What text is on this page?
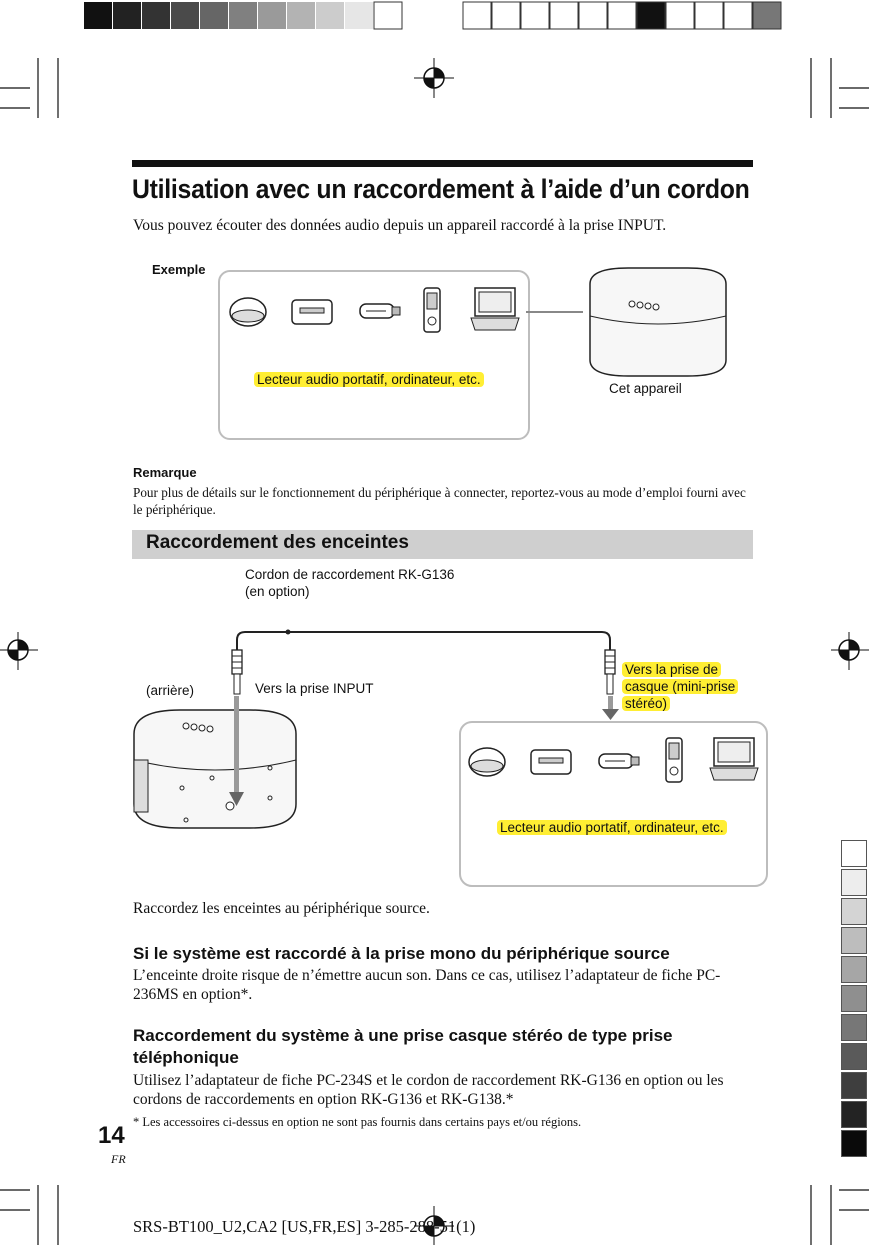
Utilisation avec un raccordement à l’aide d’un cordon
Vous pouvez écouter des données audio depuis un appareil raccordé à la prise INPUT.
Exemple
Lecteur audio portatif, ordinateur, etc.
Cet appareil
Remarque
Pour plus de détails sur le fonctionnement du périphérique à connecter, reportez-vous au mode d’emploi fourni avec le périphérique.
Raccordement des enceintes
Cordon de raccordement RK-G136
(en option)
(arrière)	Vers la prise INPUT
Vers la prise de
casque (mini-prise
stéréo)
Lecteur audio portatif, ordinateur, etc.
Raccordez les enceintes au périphérique source.
Si le système est raccordé à la prise mono du périphérique source
L’enceinte droite risque de n’émettre aucun son. Dans ce cas, utilisez l’adaptateur de fiche PC-236MS en option*.
Raccordement du système à une prise casque stéréo de type prise
téléphonique
Utilisez l’adaptateur de fiche PC-234S et le cordon de raccordement RK-G136 en option ou les cordons de raccordements en option RK-G136 et RK-G138.*
* Les accessoires ci-dessus en option ne sont pas fournis dans certains pays et/ou régions.
14
FR
SRS-BT100_U2,CA2 [US,FR,ES] 3-285-288-51(1)
